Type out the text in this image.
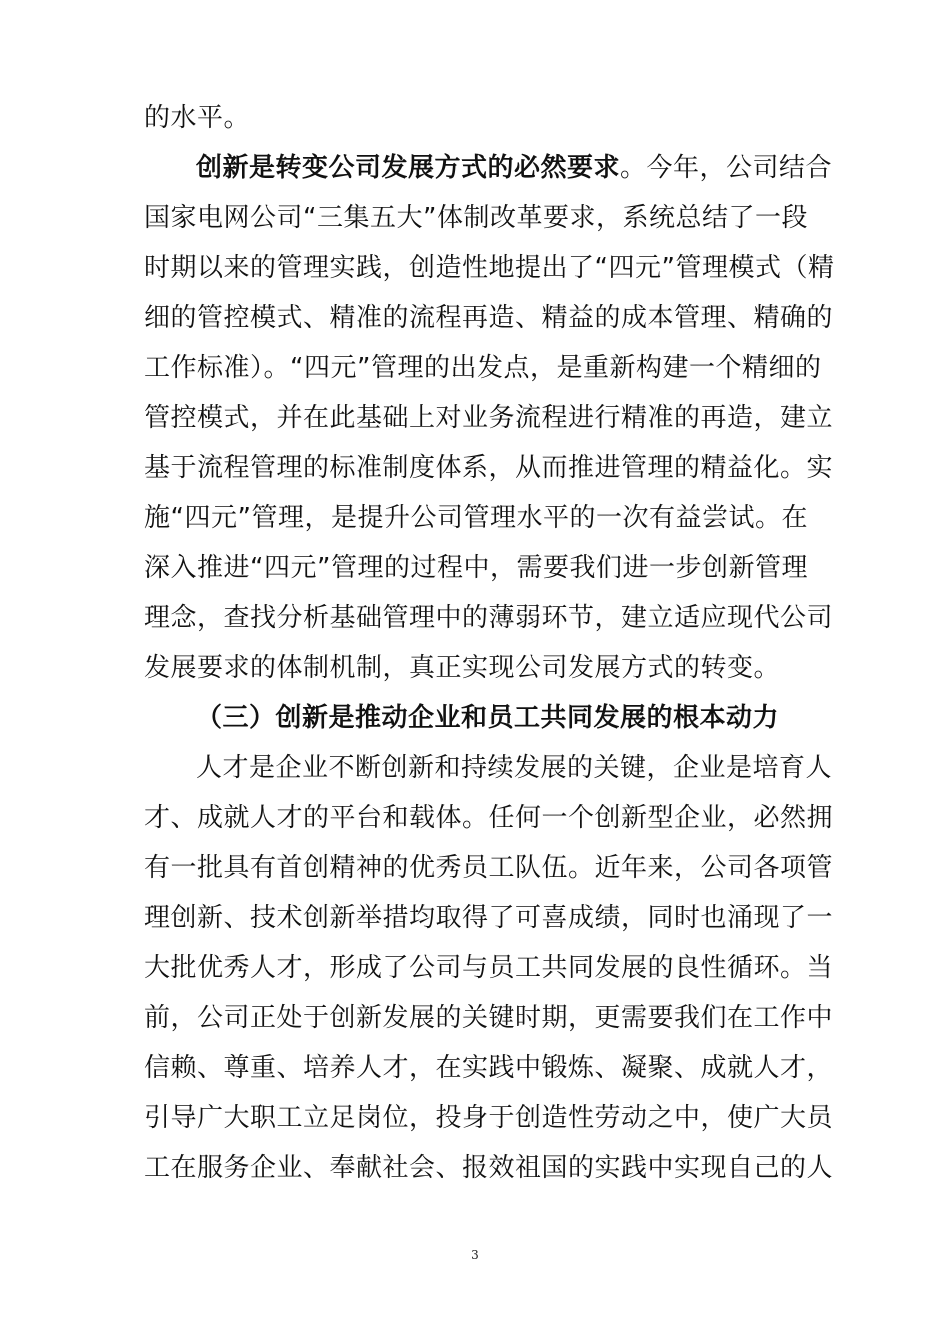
的水平。
创新是转变公司发展方式的必然要求。今年，公司结合
国家电网公司“三集五大”体制改革要求，系统总结了一段
时期以来的管理实践，创造性地提出了“四元”管理模式（精
细的管控模式、精准的流程再造、精益的成本管理、精确的
工作标准）。“四元”管理的出发点，是重新构建一个精细的
管控模式，并在此基础上对业务流程进行精准的再造，建立
基于流程管理的标准制度体系，从而推进管理的精益化。实
施“四元”管理，是提升公司管理水平的一次有益尝试。在
深入推进“四元”管理的过程中，需要我们进一步创新管理
理念，查找分析基础管理中的薄弱环节，建立适应现代公司
发展要求的体制机制，真正实现公司发展方式的转变。
（三）创新是推动企业和员工共同发展的根本动力
人才是企业不断创新和持续发展的关键，企业是培育人
才、成就人才的平台和载体。任何一个创新型企业，必然拥
有一批具有首创精神的优秀员工队伍。近年来，公司各项管
理创新、技术创新举措均取得了可喜成绩，同时也涌现了一
大批优秀人才，形成了公司与员工共同发展的良性循环。当
前，公司正处于创新发展的关键时期，更需要我们在工作中
信赖、尊重、培养人才，在实践中锻炼、凝聚、成就人才，
引导广大职工立足岗位，投身于创造性劳动之中，使广大员
工在服务企业、奉献社会、报效祖国的实践中实现自己的人
3
